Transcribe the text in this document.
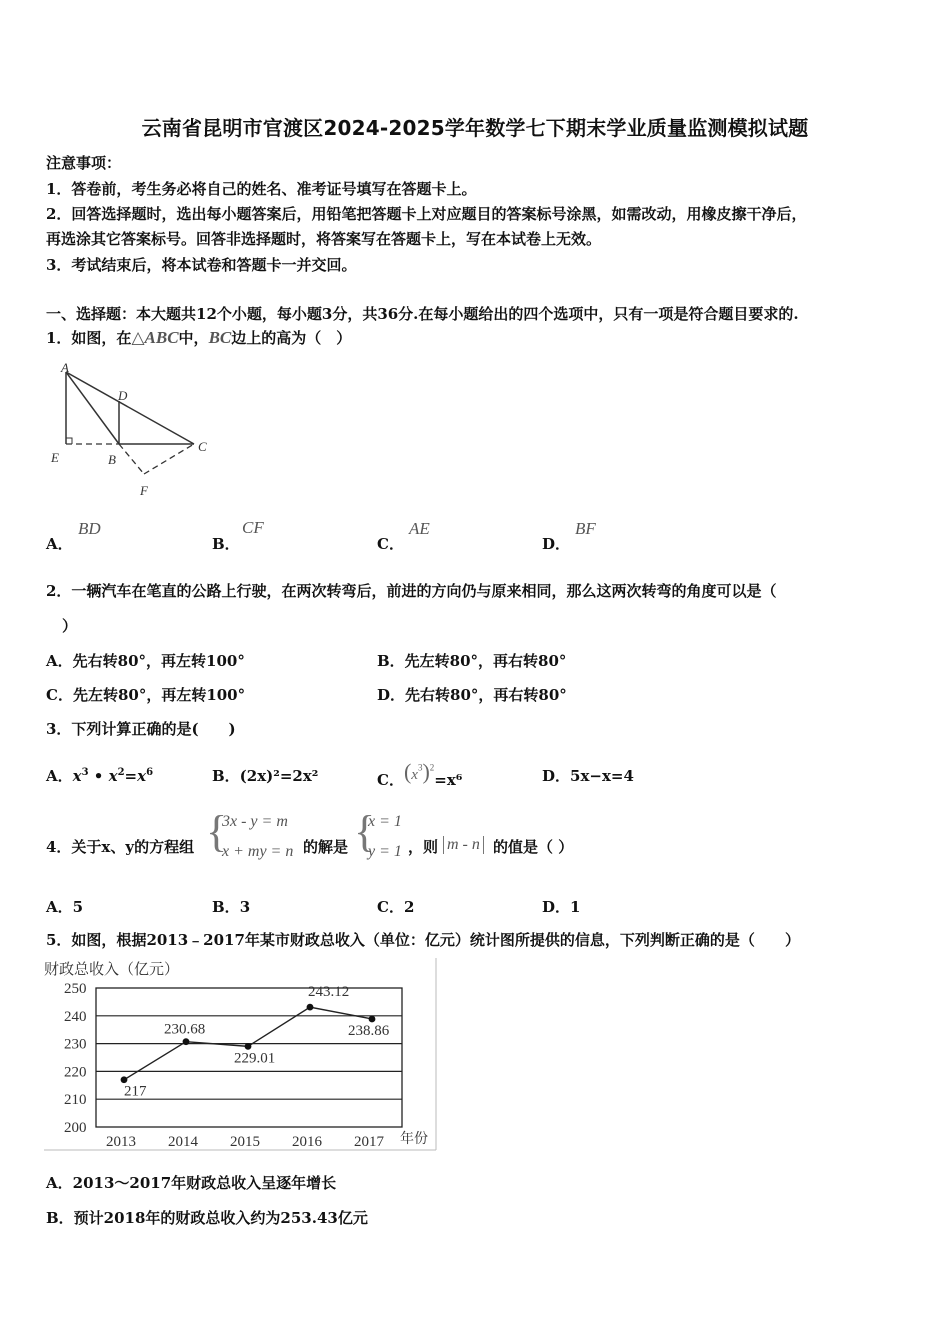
云南省昆明市官渡区2024-2025学年数学七下期末学业质量监测模拟试题
注意事项：
1．答卷前，考生务必将自己的姓名、准考证号填写在答题卡上。
2．回答选择题时，选出每小题答案后，用铅笔把答题卡上对应题目的答案标号涂黑，如需改动，用橡皮擦干净后，
再选涂其它答案标号。回答非选择题时，将答案写在答题卡上，写在本试卷上无效。
3．考试结束后，将本试卷和答题卡一并交回。
一、选择题：本大题共12个小题，每小题3分，共36分.在每小题给出的四个选项中，只有一项是符合题目要求的.
1．如图，在△ABC中，BC边上的高为（　）
A
D
C
E	B
F
A．
BD
B．
CF
C．
AE
D．
BF
2．一辆汽车在笔直的公路上行驶，在两次转弯后，前进的方向仍与原来相同，那么这两次转弯的角度可以是（
）
A．先右转80°，再左转100°	B．先左转80°，再右转80°
C．先左转80°，再左转100°	D．先右转80°，再右转80°
3．下列计算正确的是(　　)
A．$x^3$ • $x^2=x^6$	B．(2x)²=2x²	C．$(x^3)^2=x^6$	D．5x−x=4
4．关于x、y的方程组 {
3x - y = m
x + my = n 的解是 {
x = 1
y = 1 ，则 m - n 的值是（ ）
A．5	B．3	C．2	D．1
5．如图，根据2013﹣2017年某市财政总收入（单位：亿元）统计图所提供的信息，下列判断正确的是（　　）
财政总收入（亿元）
年份
200
210
220
230
240
250
2013 2014 2015 2016 2017
217
230.68
229.01
243.12
238.86
A．2013～2017年财政总收入呈逐年增长
B．预计2018年的财政总收入约为253.43亿元
